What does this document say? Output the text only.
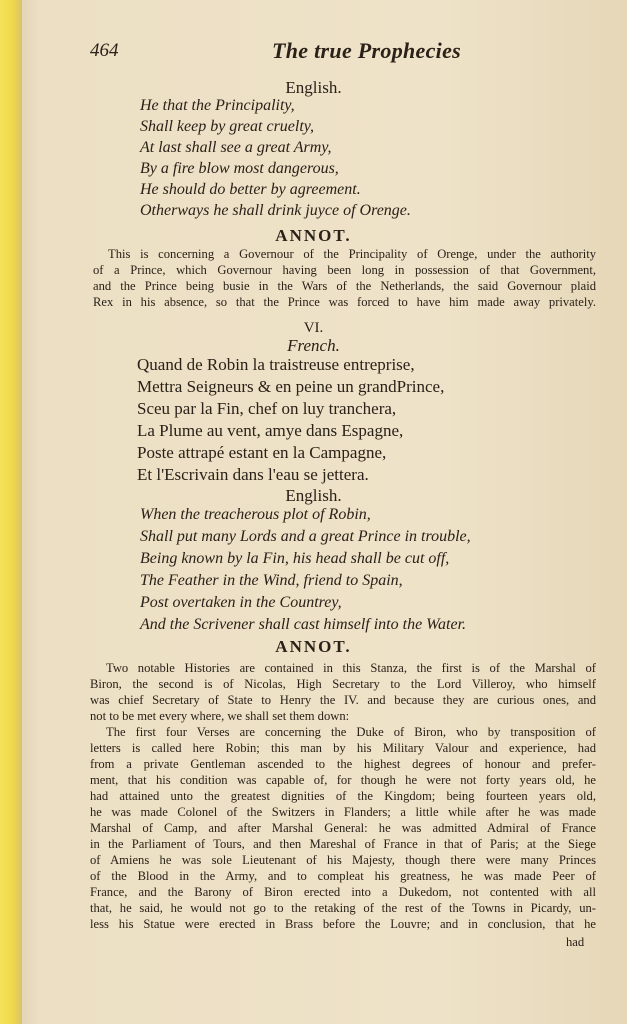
464	The true Prophecies
English.
He that the Principality,
Shall keep by great cruelty,
At last shall see a great Army,
By a fire blow most dangerous,
He should do better by agreement.
Otherways he shall drink juyce of Orenge.
ANNOT.
This is concerning a Governour of the Principality of Orenge, under the authority
of a Prince, which Governour having been long in possession of that Government,
and the Prince being busie in the Wars of the Netherlands, the said Governour plaid
Rex in his absence, so that the Prince was forced to have him made away privately.
VI.
French.
Quand de Robin la traistreuse entreprise,
Mettra Seigneurs & en peine un grandPrince,
Sceu par la Fin, chef on luy tranchera,
La Plume au vent, amye dans Espagne,
Poste attrapé estant en la Campagne,
Et l'Escrivain dans l'eau se jettera.
English.
When the treacherous plot of Robin,
Shall put many Lords and a great Prince in trouble,
Being known by la Fin, his head shall be cut off,
The Feather in the Wind, friend to Spain,
Post overtaken in the Countrey,
And the Scrivener shall cast himself into the Water.
ANNOT.
Two notable Histories are contained in this Stanza, the first is of the Marshal of
Biron, the second is of Nicolas, High Secretary to the Lord Villeroy, who himself
was chief Secretary of State to Henry the IV. and because they are curious ones, and
not to be met every where, we shall set them down:
The first four Verses are concerning the Duke of Biron, who by transposition of
letters is called here Robin; this man by his Military Valour and experience, had
from a private Gentleman ascended to the highest degrees of honour and prefer-
ment, that his condition was capable of, for though he were not forty years old, he
had attained unto the greatest dignities of the Kingdom; being fourteen years old,
he was made Colonel of the Switzers in Flanders; a little while after he was made
Marshal of Camp, and after Marshal General: he was admitted Admiral of France
in the Parliament of Tours, and then Mareshal of France in that of Paris; at the Siege
of Amiens he was sole Lieutenant of his Majesty, though there were many Princes
of the Blood in the Army, and to compleat his greatness, he was made Peer of
France, and the Barony of Biron erected into a Dukedom, not contented with all
that, he said, he would not go to the retaking of the rest of the Towns in Picardy, un-
less his Statue were erected in Brass before the Louvre; and in conclusion, that he
had
